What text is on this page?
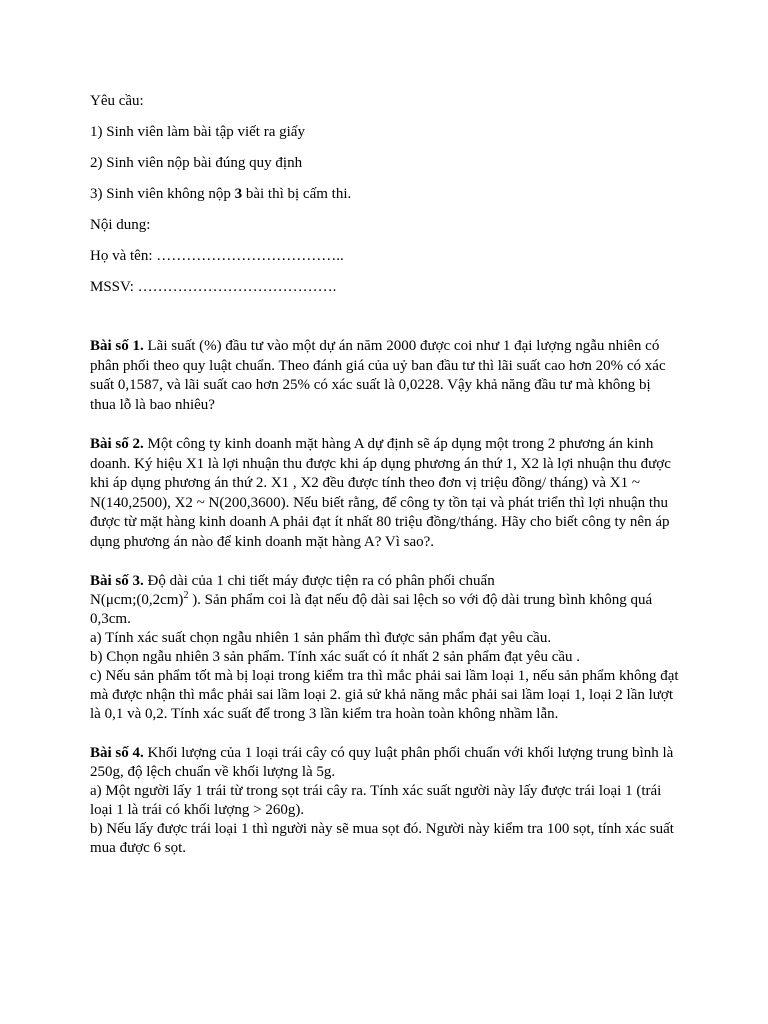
Yêu cầu:

1) Sinh viên làm bài tập viết ra giấy

2) Sinh viên nộp bài đúng quy định

3) Sinh viên không nộp 3 bài thì bị cấm thi.

Nội dung:

Họ và tên: ………………………………..

MSSV: ………………………………….

Bài số 1. Lãi suất (%) đầu tư vào một dự án năm 2000 được coi như 1 đại lượng ngẫu nhiên có phân phối theo quy luật chuẩn. Theo đánh giá của uỷ ban đầu tư thì lãi suất cao hơn 20% có xác suất 0,1587, và lãi suất cao hơn 25% có xác suất là 0,0228. Vậy khả năng đầu tư mà không bị thua lỗ là bao nhiêu?

Bài số 2. Một công ty kinh doanh mặt hàng A dự định sẽ áp dụng một trong 2 phương án kinh doanh. Ký hiệu X1 là lợi nhuận thu được khi áp dụng phương án thứ 1, X2 là lợi nhuận thu được khi áp dụng phương án thứ 2. X1 , X2 đều được tính theo đơn vị triệu đồng/ tháng) và X1 ~ N(140,2500), X2 ~ N(200,3600). Nếu biết rằng, để công ty tồn tại và phát triển thì lợi nhuận thu được từ mặt hàng kinh doanh A phải đạt ít nhất 80 triệu đồng/tháng. Hãy cho biết công ty nên áp dụng phương án nào để kinh doanh mặt hàng A? Vì sao?.

Bài số 3. Độ dài của 1 chi tiết máy được tiện ra có phân phối chuẩn
$N(\mu cm;(0,2cm)^2$ ). Sản phẩm coi là đạt nếu độ dài sai lệch so với độ dài trung bình không quá 0,3cm.
a) Tính xác suất chọn ngẫu nhiên 1 sản phẩm thì được sản phẩm đạt yêu cầu.
b) Chọn ngẫu nhiên 3 sản phẩm. Tính xác suất có ít nhất 2 sản phẩm đạt yêu cầu .
c) Nếu sản phẩm tốt mà bị loại trong kiểm tra thì mắc phải sai lầm loại 1, nếu sản phẩm không đạt mà được nhận thì mắc phải sai lầm loại 2. giả sử khả năng mắc phải sai lầm loại 1, loại 2 lần lượt là 0,1 và 0,2. Tính xác suất để trong 3 lần kiểm tra hoàn toàn không nhầm lẫn.
Bài số 4. Khối lượng của 1 loại trái cây có quy luật phân phối chuẩn với khối lượng trung bình là 250g, độ lệch chuẩn về khối lượng là 5g.
a) Một người lấy 1 trái từ trong sọt trái cây ra. Tính xác suất người này lấy được trái loại 1 (trái loại 1 là trái có khối lượng > 260g).
b) Nếu lấy được trái loại 1 thì người này sẽ mua sọt đó. Người này kiểm tra 100 sọt, tính xác suất mua được 6 sọt.
